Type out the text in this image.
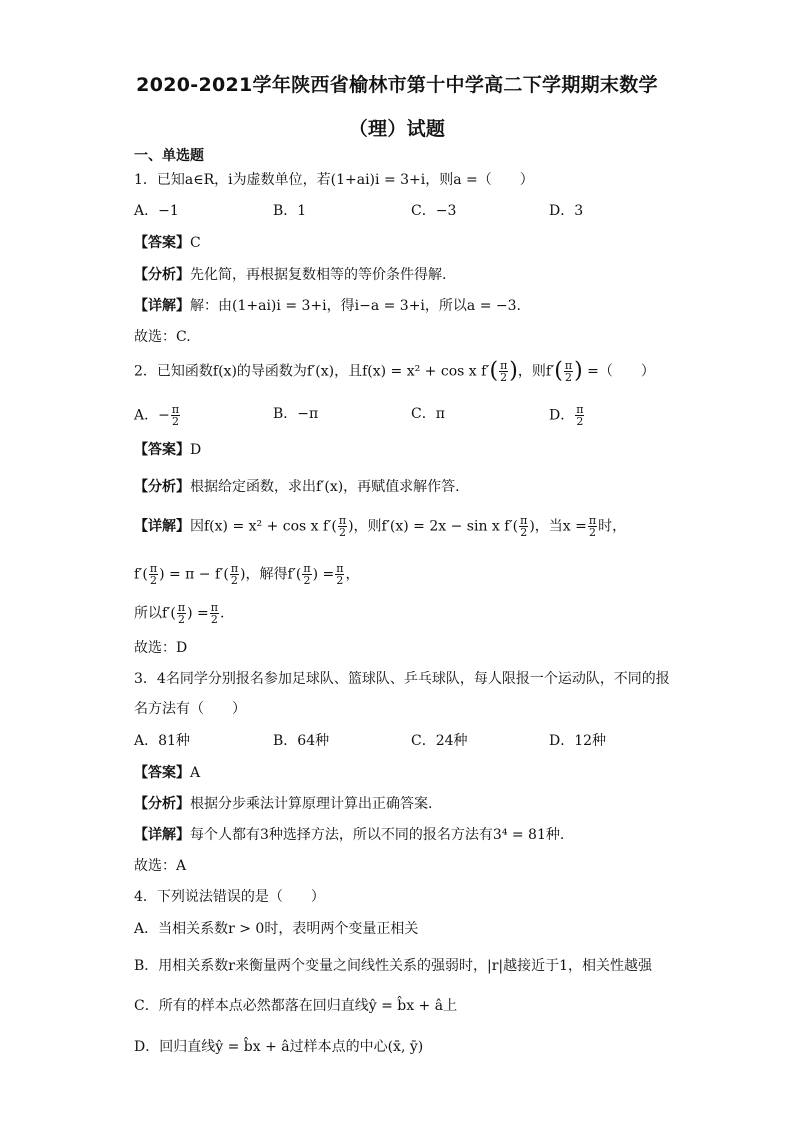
2020-2021学年陕西省榆林市第十中学高二下学期期末数学
（理）试题
一、单选题
1．已知a∈R，i为虚数单位，若(1+ai)i = 3+i，则a =（　　）
A．−1	B．1	C．−3	D．3
【答案】C
【分析】先化简，再根据复数相等的等价条件得解.
【详解】解：由(1+ai)i = 3+i，得i−a = 3+i，所以a = −3.
故选：C.
2．已知函数f(x)的导函数为f′(x)，且f(x) = x² + cos x $f'( \frac{\pi}{2}$ )，则$f'( \frac{\pi}{2}$ ) =（　　）
A．− $\frac{\pi}{2}$	B．−π	C．π	D． $\frac{\pi}{2}$
【答案】D
【分析】根据给定函数，求出f′(x)，再赋值求解作答.
【详解】因f(x) = x² + cos x $f'( \frac{\pi}{2}$ )，则f′(x) = 2x − sin x $f'( \frac{\pi}{2}$ )，当$x = \frac{\pi}{2}$ 时，
$f'( \frac{\pi}{2}$ ) = $\pi - f'( \frac{\pi}{2}$ )，解得$f'( \frac{\pi}{2}$ ) = $\frac{\pi}{2}$ ，
所以$f'( \frac{\pi}{2}$ ) = $\frac{\pi}{2}$ .
故选：D
3．4名同学分别报名参加足球队、篮球队、乒乓球队，每人限报一个运动队，不同的报
名方法有（　　）
A．81种	B．64种	C．24种	D．12种
【答案】A
【分析】根据分步乘法计算原理计算出正确答案.
【详解】每个人都有3种选择方法，所以不同的报名方法有3⁴ = 81种.
故选：A
4．下列说法错误的是（　　）
A．当相关系数r > 0时，表明两个变量正相关
B．用相关系数r来衡量两个变量之间线性关系的强弱时，|r|越接近于1，相关性越强
C．所有的样本点必然都落在回归直线ŷ = b̂x + â上
D．回归直线ŷ = b̂x + â过样本点的中心(x̄, ȳ)
